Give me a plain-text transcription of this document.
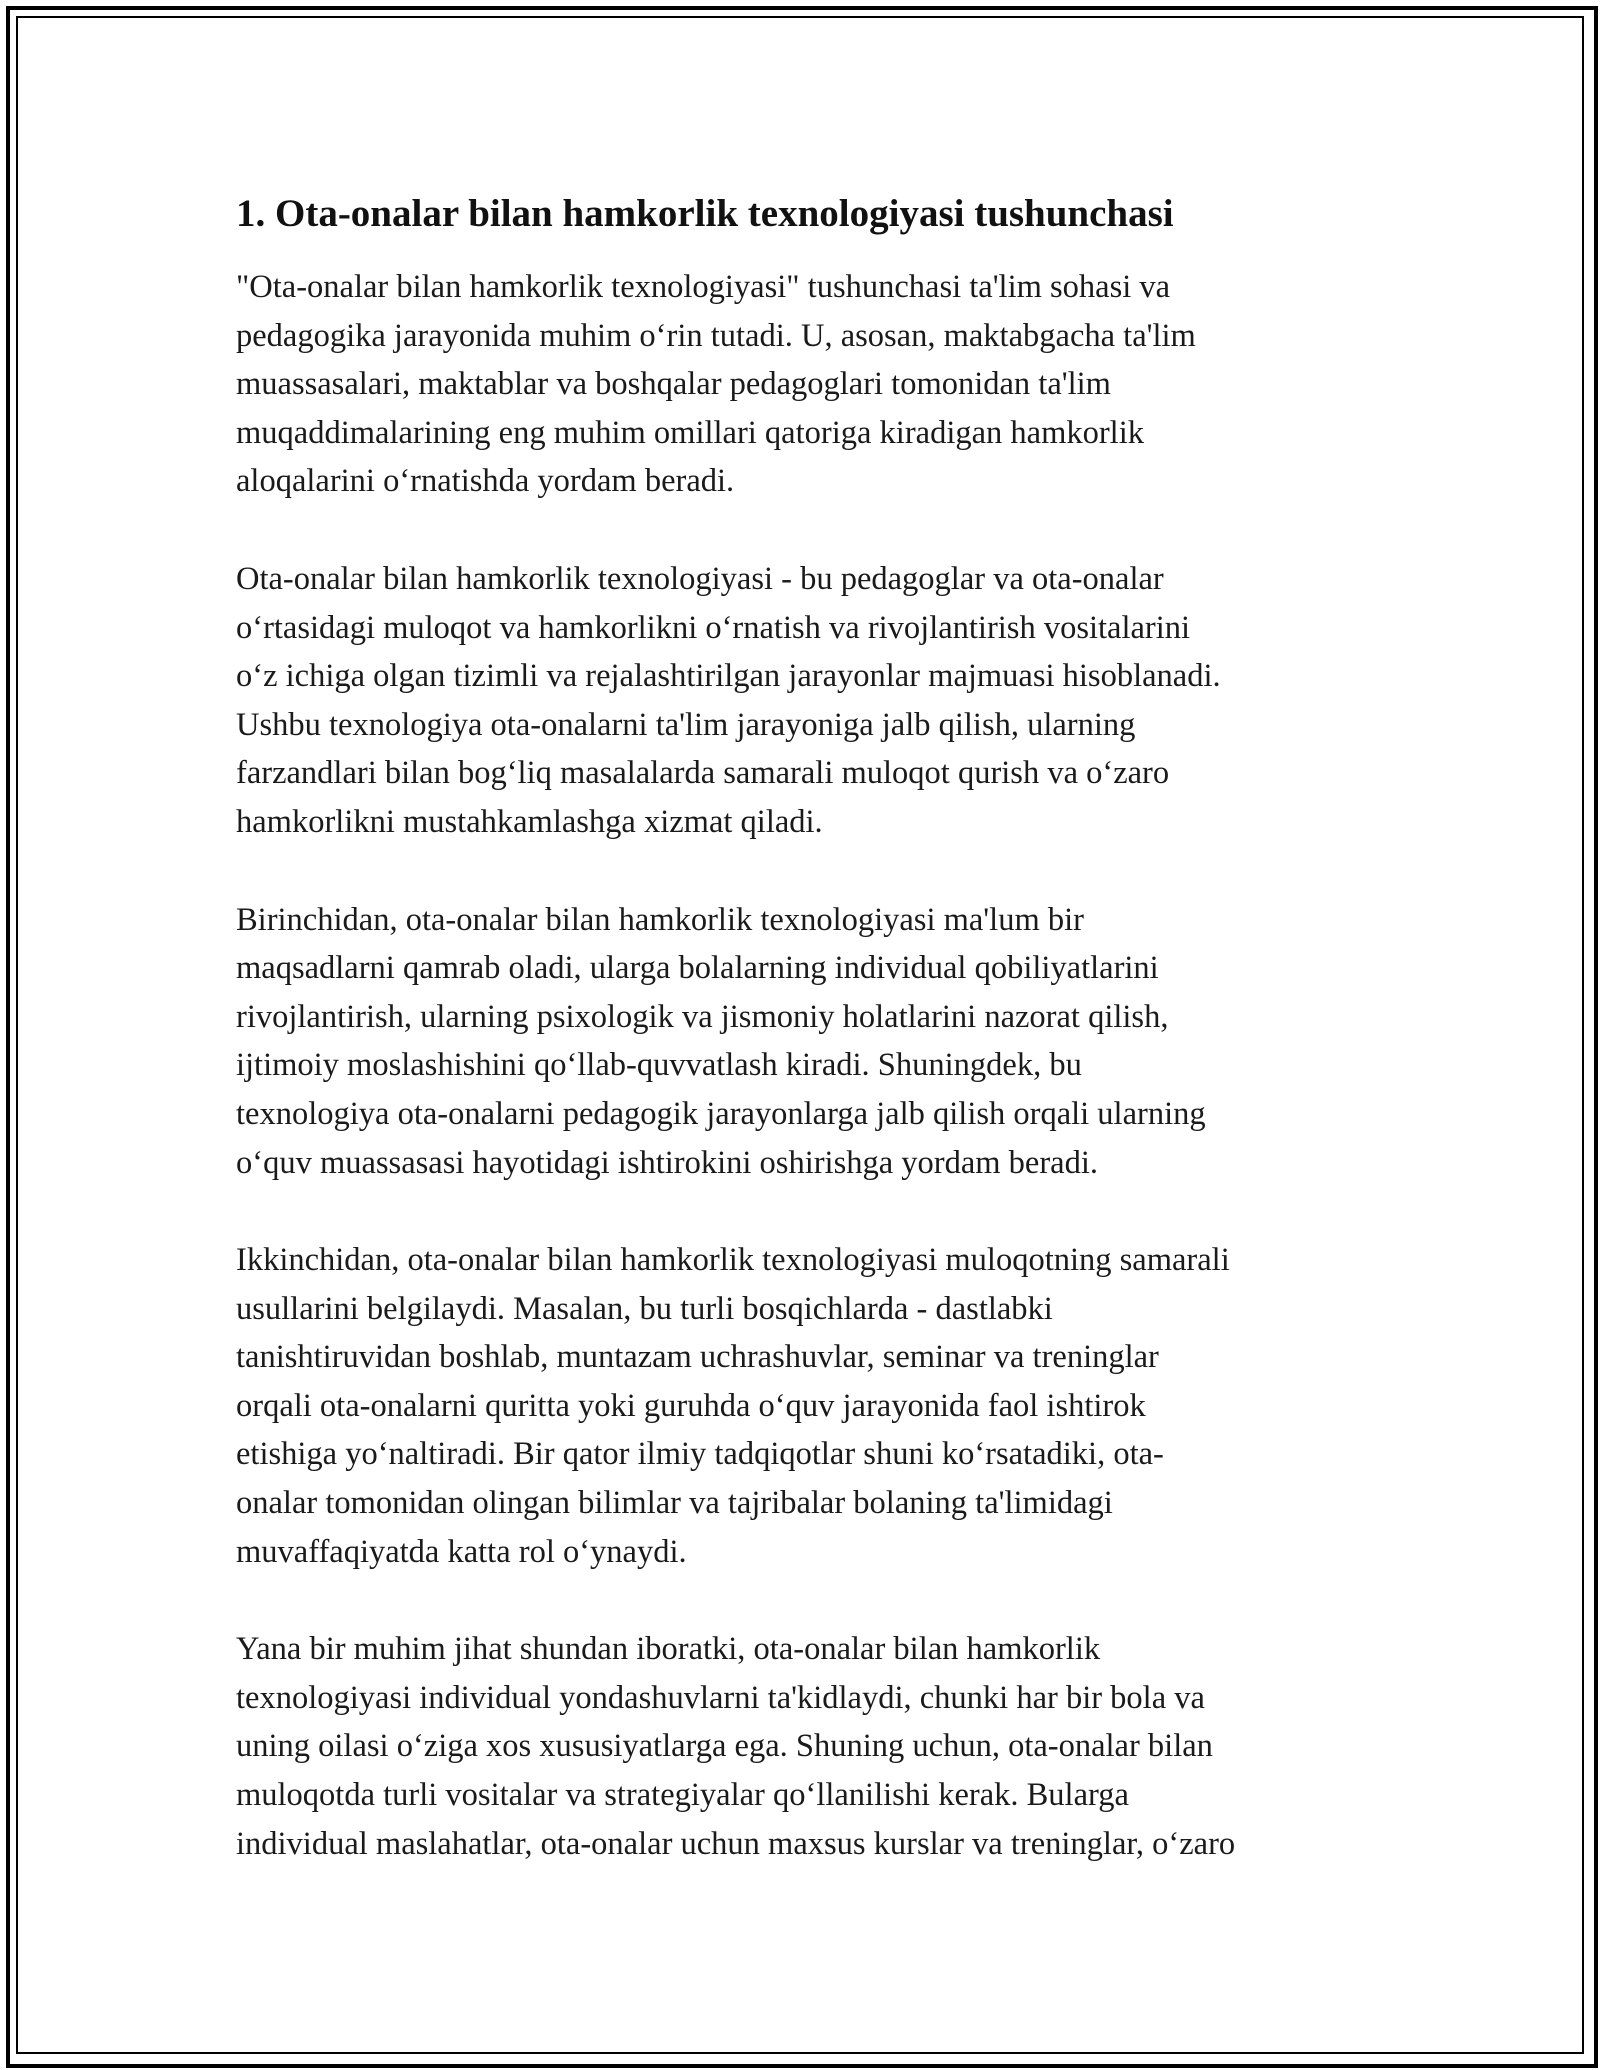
1. Ota-onalar bilan hamkorlik texnologiyasi tushunchasi

"Ota-onalar bilan hamkorlik texnologiyasi" tushunchasi ta'lim sohasi va
pedagogika jarayonida muhim o‘rin tutadi. U, asosan, maktabgacha ta'lim
muassasalari, maktablar va boshqalar pedagoglari tomonidan ta'lim
muqaddimalarining eng muhim omillari qatoriga kiradigan hamkorlik
aloqalarini o‘rnatishda yordam beradi.

Ota-onalar bilan hamkorlik texnologiyasi - bu pedagoglar va ota-onalar
o‘rtasidagi muloqot va hamkorlikni o‘rnatish va rivojlantirish vositalarini
o‘z ichiga olgan tizimli va rejalashtirilgan jarayonlar majmuasi hisoblanadi.
Ushbu texnologiya ota-onalarni ta'lim jarayoniga jalb qilish, ularning
farzandlari bilan bog‘liq masalalarda samarali muloqot qurish va o‘zaro
hamkorlikni mustahkamlashga xizmat qiladi.

Birinchidan, ota-onalar bilan hamkorlik texnologiyasi ma'lum bir
maqsadlarni qamrab oladi, ularga bolalarning individual qobiliyatlarini
rivojlantirish, ularning psixologik va jismoniy holatlarini nazorat qilish,
ijtimoiy moslashishini qo‘llab-quvvatlash kiradi. Shuningdek, bu
texnologiya ota-onalarni pedagogik jarayonlarga jalb qilish orqali ularning
o‘quv muassasasi hayotidagi ishtirokini oshirishga yordam beradi.

Ikkinchidan, ota-onalar bilan hamkorlik texnologiyasi muloqotning samarali
usullarini belgilaydi. Masalan, bu turli bosqichlarda - dastlabki
tanishtiruvidan boshlab, muntazam uchrashuvlar, seminar va treninglar
orqali ota-onalarni quritta yoki guruhda o‘quv jarayonida faol ishtirok
etishiga yo‘naltiradi. Bir qator ilmiy tadqiqotlar shuni ko‘rsatadiki, ota-
onalar tomonidan olingan bilimlar va tajribalar bolaning ta'limidagi
muvaffaqiyatda katta rol o‘ynaydi.

Yana bir muhim jihat shundan iboratki, ota-onalar bilan hamkorlik
texnologiyasi individual yondashuvlarni ta'kidlaydi, chunki har bir bola va
uning oilasi o‘ziga xos xususiyatlarga ega. Shuning uchun, ota-onalar bilan
muloqotda turli vositalar va strategiyalar qo‘llanilishi kerak. Bularga
individual maslahatlar, ota-onalar uchun maxsus kurslar va treninglar, o‘zaro
